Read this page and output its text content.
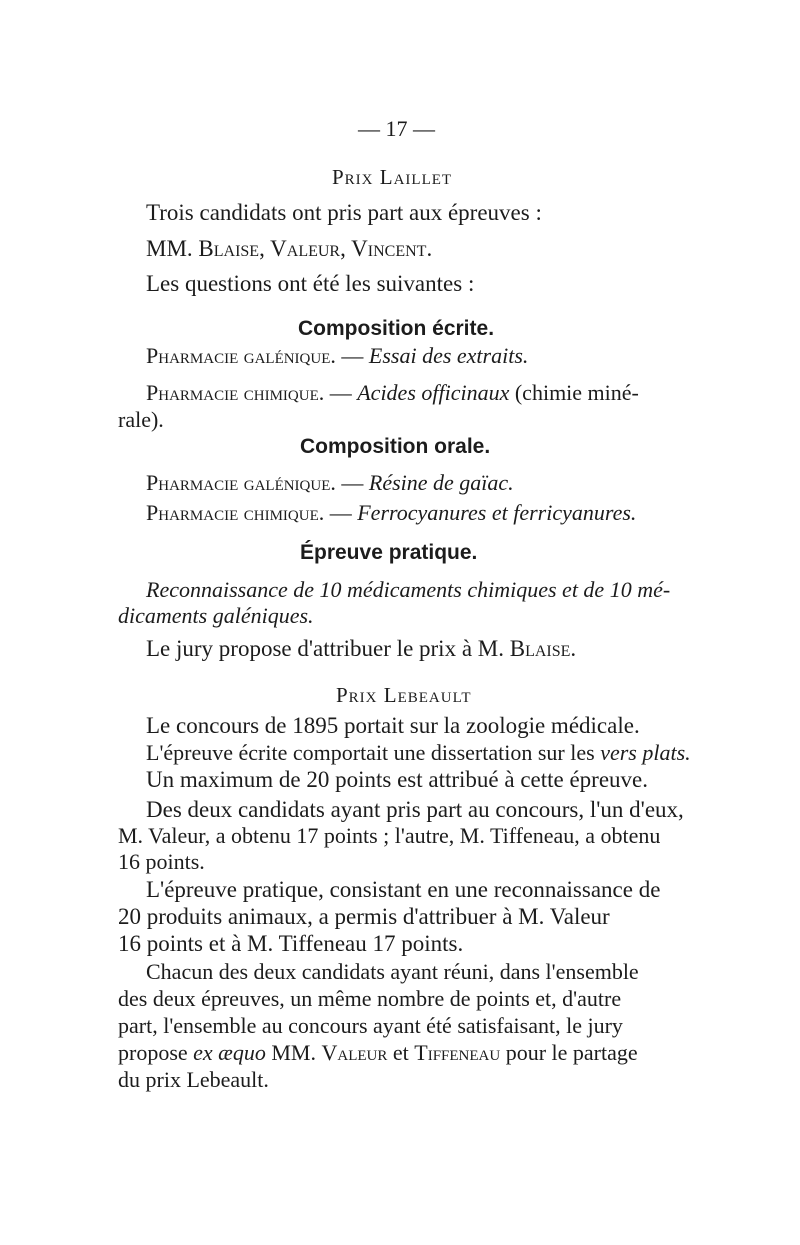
— 17 —
Prix Laillet
Trois candidats ont pris part aux épreuves :
MM. Blaise, Valeur, Vincent.
Les questions ont été les suivantes :
Composition écrite.
Pharmacie galénique. — Essai des extraits.
Pharmacie chimique. — Acides officinaux (chimie miné-
rale).
Composition orale.
Pharmacie galénique. — Résine de gaïac.
Pharmacie chimique. — Ferrocyanures et ferricyanures.
Épreuve pratique.
Reconnaissance de 10 médicaments chimiques et de 10 mé-
dicaments galéniques.
Le jury propose d'attribuer le prix à M. Blaise.
Prix Lebeault
Le concours de 1895 portait sur la zoologie médicale.
L'épreuve écrite comportait une dissertation sur les vers plats.
Un maximum de 20 points est attribué à cette épreuve.
Des deux candidats ayant pris part au concours, l'un d'eux,
M. Valeur, a obtenu 17 points ; l'autre, M. Tiffeneau, a obtenu
16 points.
L'épreuve pratique, consistant en une reconnaissance de
20 produits animaux, a permis d'attribuer à M. Valeur
16 points et à M. Tiffeneau 17 points.
Chacun des deux candidats ayant réuni, dans l'ensemble
des deux épreuves, un même nombre de points et, d'autre
part, l'ensemble au concours ayant été satisfaisant, le jury
propose ex æquo MM. Valeur et Tiffeneau pour le partage
du prix Lebeault.
